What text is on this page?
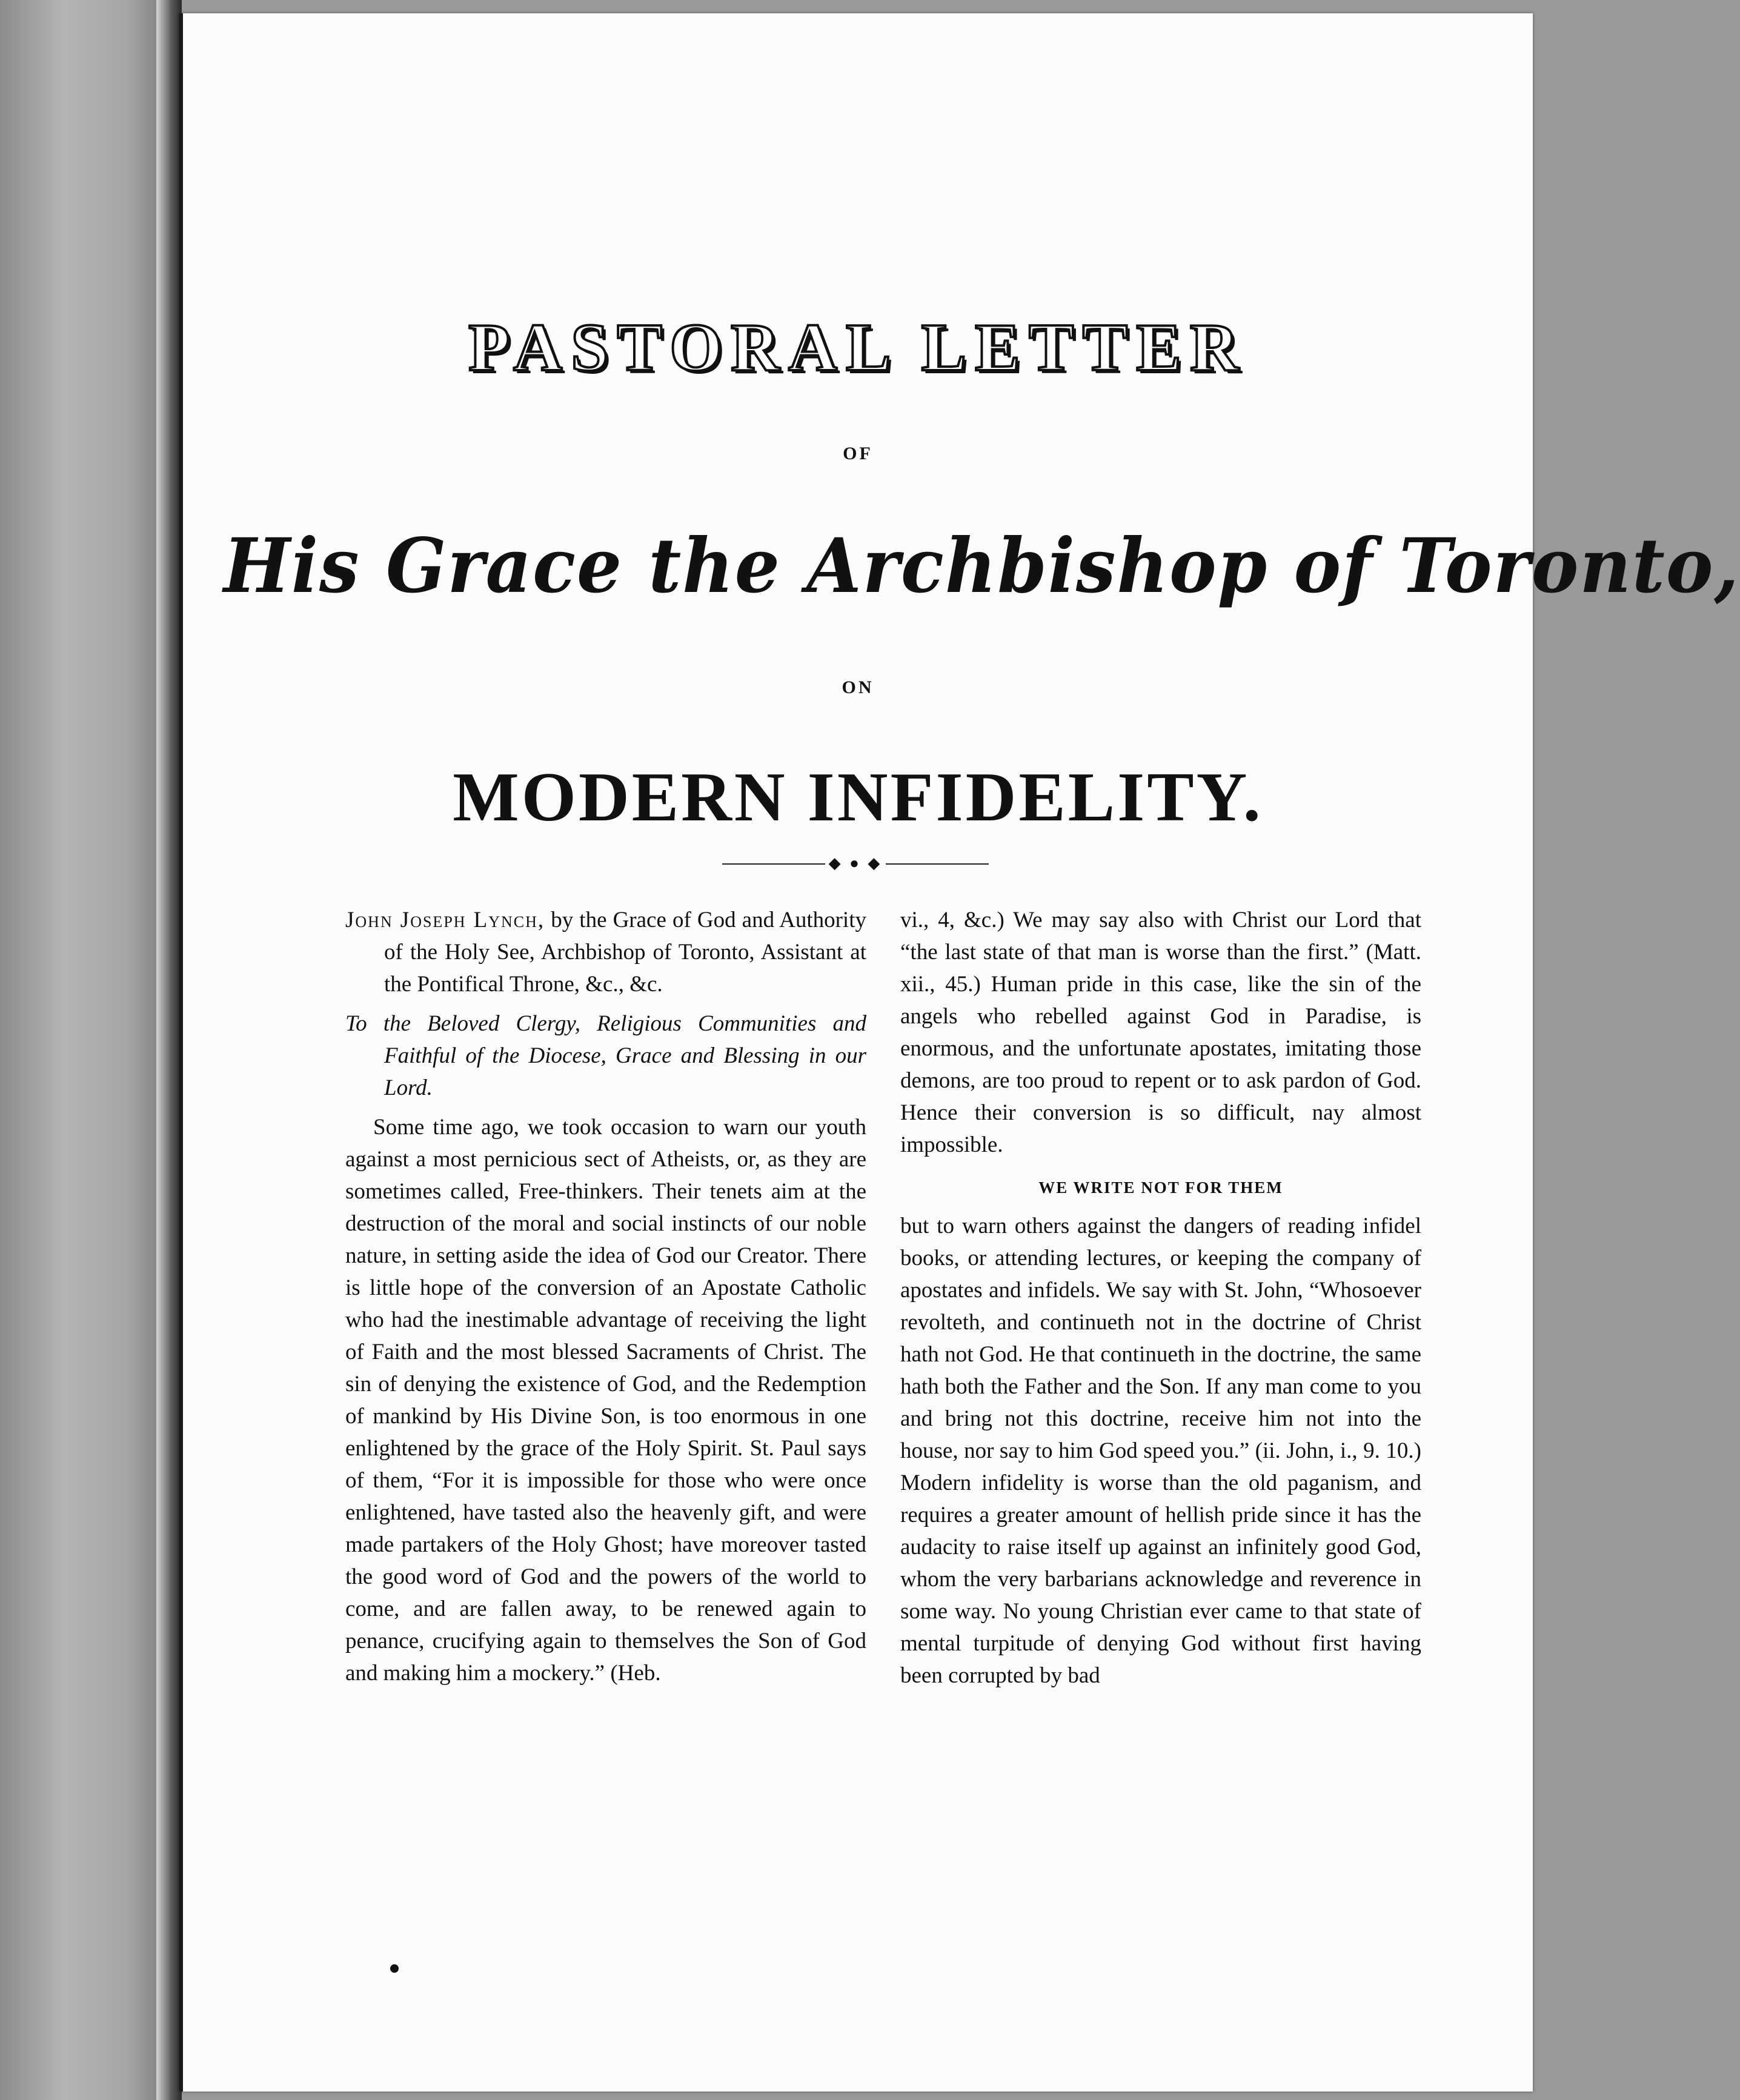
PASTORAL LETTER
OF
His Grace the Archbishop of Toronto,
ON
MODERN INFIDELITY.
◆ ● ◆

John Joseph Lynch, by the Grace of God and Authority of the Holy See, Archbishop of Toronto, Assistant at the Pontifical Throne, &c., &c.

To the Beloved Clergy, Religious Communities and Faithful of the Diocese, Grace and Blessing in our Lord.

Some time ago, we took occasion to warn our youth against a most pernicious sect of Atheists, or, as they are sometimes called, Free-thinkers. Their tenets aim at the destruction of the moral and social instincts of our noble nature, in setting aside the idea of God our Creator. There is little hope of the conversion of an Apostate Catholic who had the inestimable advantage of receiving the light of Faith and the most blessed Sacraments of Christ. The sin of denying the existence of God, and the Redemption of mankind by His Divine Son, is too enormous in one enlightened by the grace of the Holy Spirit. St. Paul says of them, “For it is impossible for those who were once enlightened, have tasted also the heavenly gift, and were made partakers of the Holy Ghost; have moreover tasted the good word of God and the powers of the world to come, and are fallen away, to be renewed again to penance, crucifying again to themselves the Son of God and making him a mockery.” (Heb.

vi., 4, &c.) We may say also with Christ our Lord that “the last state of that man is worse than the first.” (Matt. xii., 45.) Human pride in this case, like the sin of the angels who rebelled against God in Paradise, is enormous, and the unfortunate apostates, imitating those demons, are too proud to repent or to ask pardon of God. Hence their conversion is so difficult, nay almost impossible.

WE WRITE NOT FOR THEM

but to warn others against the dangers of reading infidel books, or attending lectures, or keeping the company of apostates and infidels. We say with St. John, “Whosoever revolteth, and continueth not in the doctrine of Christ hath not God. He that continueth in the doctrine, the same hath both the Father and the Son. If any man come to you and bring not this doctrine, receive him not into the house, nor say to him God speed you.” (ii. John, i., 9. 10.) Modern infidelity is worse than the old paganism, and requires a greater amount of hellish pride since it has the audacity to raise itself up against an infinitely good God, whom the very barbarians acknowledge and reverence in some way. No young Christian ever came to that state of mental turpitude of denying God without first having been corrupted by bad
